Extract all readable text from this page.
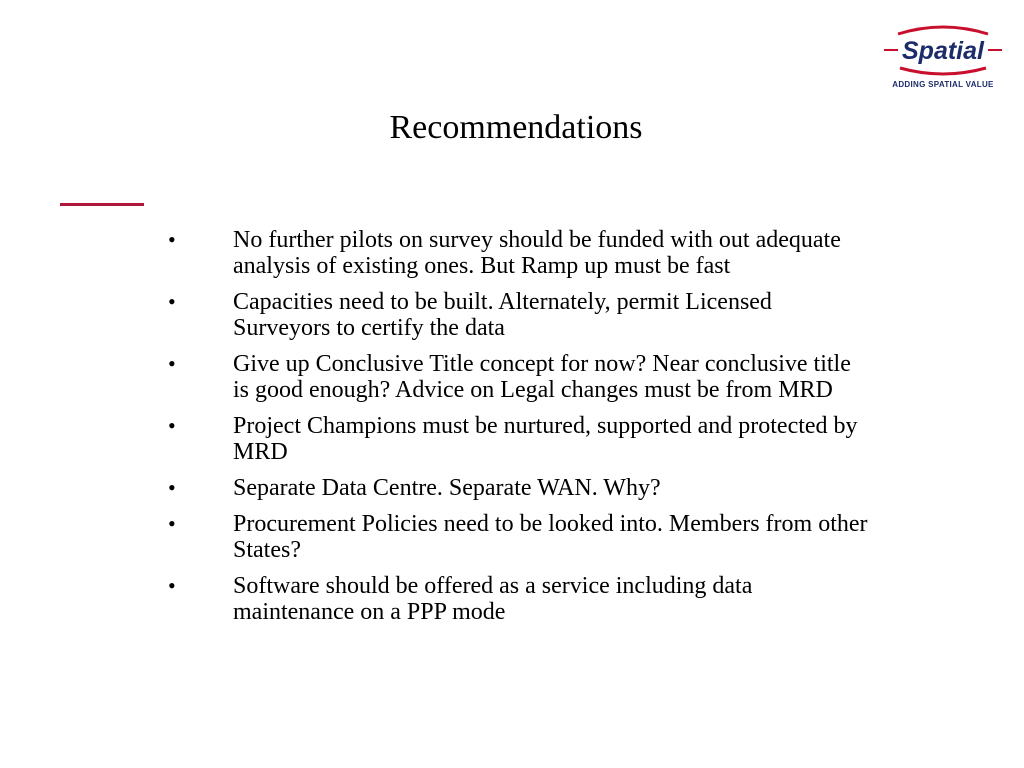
Spatial
ADDING SPATIAL VALUE
Recommendations
• No further pilots on survey should be funded with out adequate analysis of existing ones. But Ramp up must be fast
• Capacities need to be built. Alternately, permit Licensed Surveyors to certify the data
• Give up Conclusive Title concept for now? Near conclusive title is good enough? Advice on Legal changes must be from MRD
• Project Champions must be nurtured, supported and protected by MRD
• Separate Data Centre. Separate WAN. Why?
• Procurement Policies need to be looked into. Members from other States?
• Software should be offered as a service including data maintenance on a PPP mode
